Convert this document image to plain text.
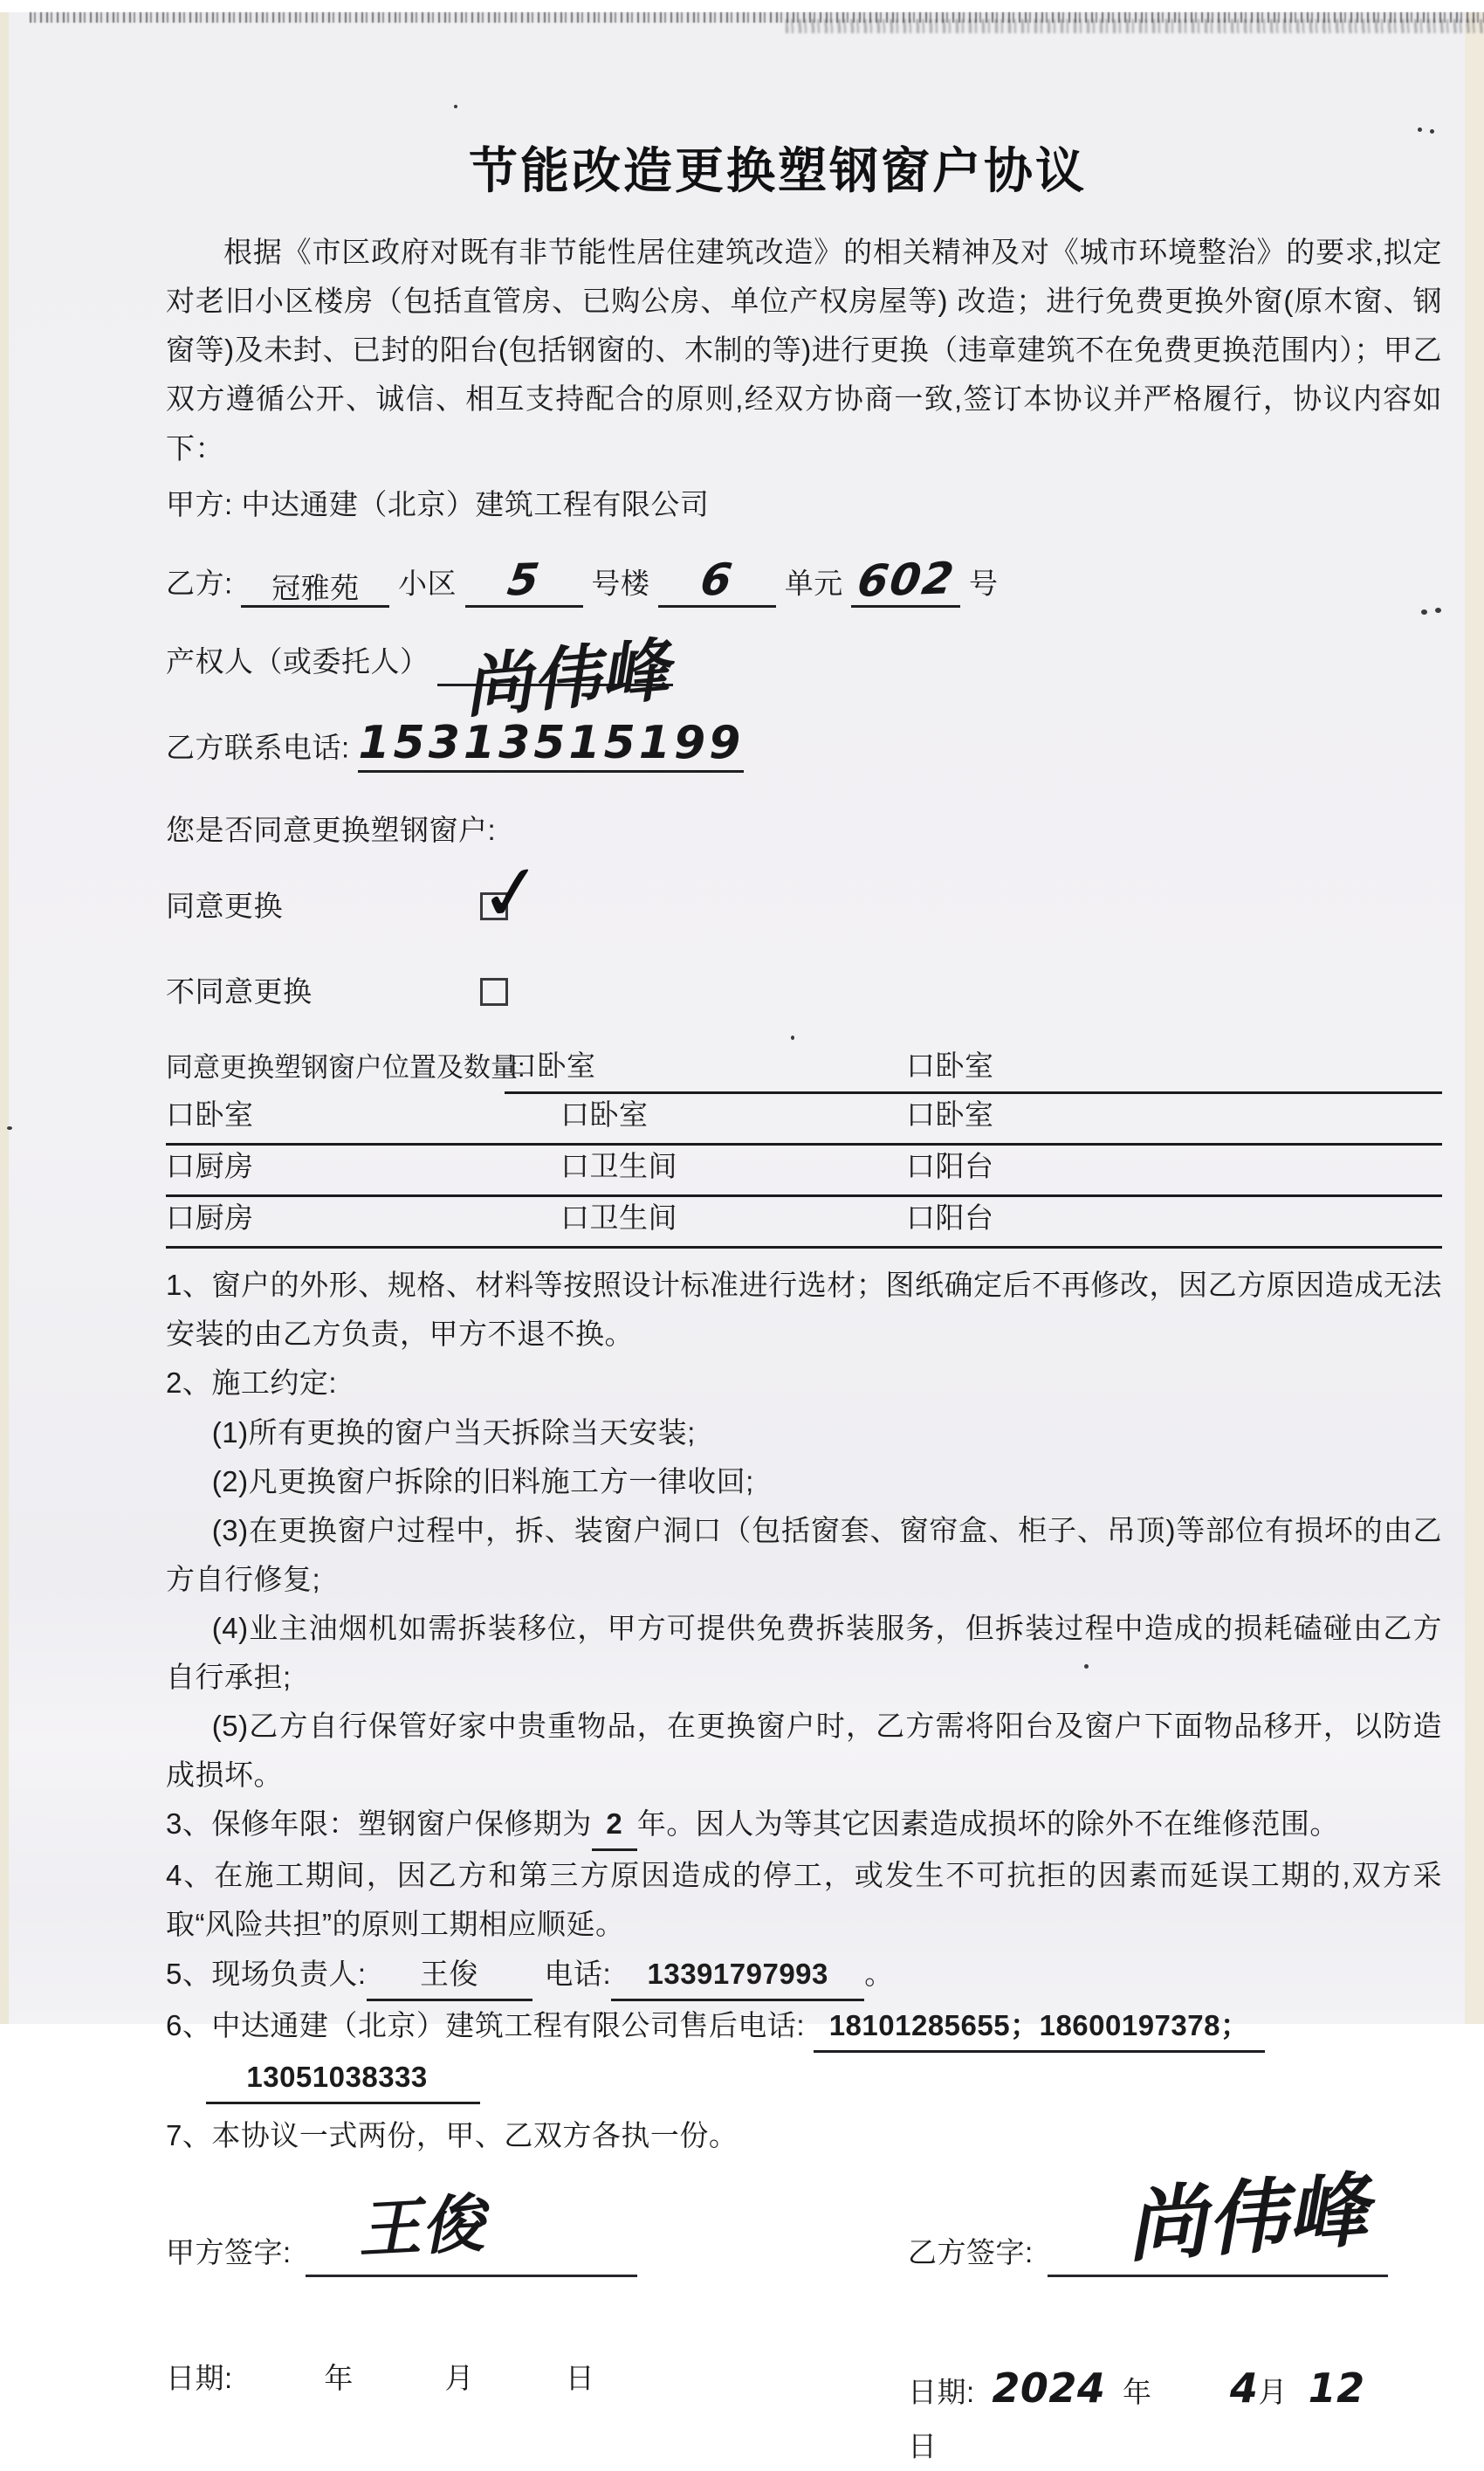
节能改造更换塑钢窗户协议

根据《市区政府对既有非节能性居住建筑改造》的相关精神及对《城市环境整治》的要求,拟定对老旧小区楼房（包括直管房、已购公房、单位产权房屋等) 改造；进行免费更换外窗(原木窗、钢窗等)及未封、已封的阳台(包括钢窗的、木制的等)进行更换（违章建筑不在免费更换范围内）；甲乙双方遵循公开、诚信、相互支持配合的原则,经双方协商一致,签订本协议并严格履行，协议内容如下：

甲方: 中达通建（北京）建筑工程有限公司
乙方: 冠雅苑 小区 5 号楼 6 单元 602 号
产权人（或委托人） 尚伟峰
乙方联系电话: 15313515199
您是否同意更换塑钢窗户:
同意更换	✓
不同意更换
同意更换塑钢窗户位置及数量:
口卧室	口卧室
口卧室	口卧室	口卧室
口厨房	口卫生间	口阳台
口厨房	口卫生间	口阳台

1、窗户的外形、规格、材料等按照设计标准进行选材；图纸确定后不再修改，因乙方原因造成无法安装的由乙方负责，甲方不退不换。

2、施工约定:

(1)所有更换的窗户当天拆除当天安装;

(2)凡更换窗户拆除的旧料施工方一律收回;

(3)在更换窗户过程中，拆、装窗户洞口（包括窗套、窗帘盒、柜子、吊顶)等部位有损坏的由乙方自行修复;

(4)业主油烟机如需拆装移位，甲方可提供免费拆装服务，但拆装过程中造成的损耗磕碰由乙方自行承担;

(5)乙方自行保管好家中贵重物品，在更换窗户时，乙方需将阳台及窗户下面物品移开，以防造成损坏。

3、保修年限：塑钢窗户保修期为 2 年。因人为等其它因素造成损坏的除外不在维修范围。

4、在施工期间，因乙方和第三方原因造成的停工，或发生不可抗拒的因素而延误工期的,双方采取“风险共担”的原则工期相应顺延。

5、现场负责人: 王俊 电话: 13391797993 。

6、中达通建（北京）建筑工程有限公司售后电话: 18101285655；18600197378；

13051038333

7、本协议一式两份，甲、乙双方各执一份。

甲方签字: 王俊	乙方签字: 尚伟峰
日期:	年	月	日	日期: 2024 年 4月 12  日
